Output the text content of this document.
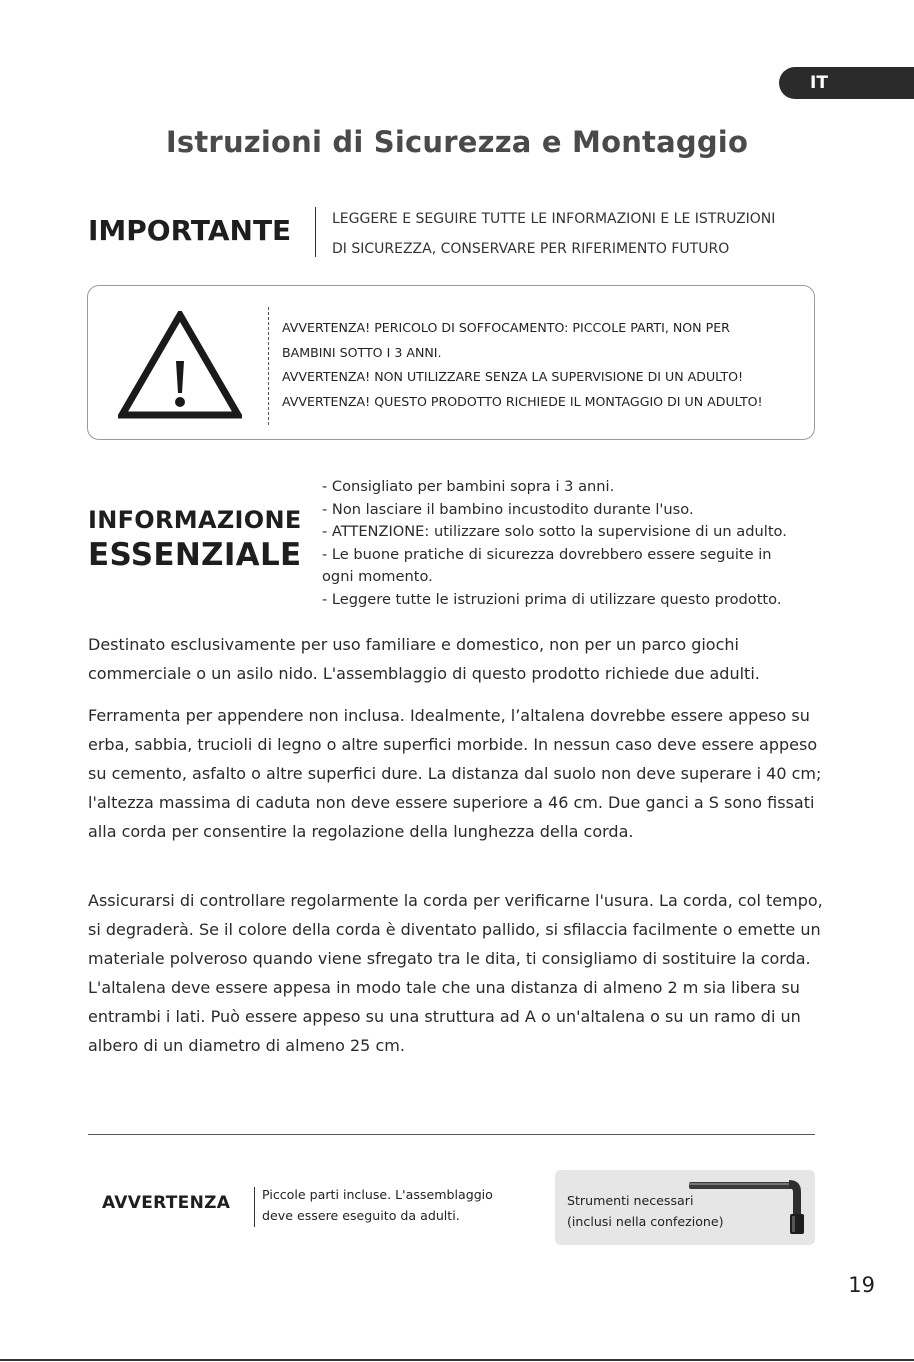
IT
Istruzioni di Sicurezza e Montaggio
IMPORTANTE	LEGGERE E SEGUIRE TUTTE LE INFORMAZIONI E LE ISTRUZIONI
DI SICUREZZA, CONSERVARE PER RIFERIMENTO FUTURO
AVVERTENZA! PERICOLO DI SOFFOCAMENTO: PICCOLE PARTI, NON PER
BAMBINI SOTTO I 3 ANNI.
AVVERTENZA! NON UTILIZZARE SENZA LA SUPERVISIONE DI UN ADULTO!
AVVERTENZA! QUESTO PRODOTTO RICHIEDE IL MONTAGGIO DI UN ADULTO!
INFORMAZIONE
ESSENZIALE
- Consigliato per bambini sopra i 3 anni.
- Non lasciare il bambino incustodito durante l'uso.
- ATTENZIONE: utilizzare solo sotto la supervisione di un adulto.
- Le buone pratiche di sicurezza dovrebbero essere seguite in
ogni momento.
- Leggere tutte le istruzioni prima di utilizzare questo prodotto.

Destinato esclusivamente per uso familiare e domestico, non per un parco giochi commerciale o un asilo nido. L'assemblaggio di questo prodotto richiede due adulti.

Ferramenta per appendere non inclusa. Idealmente, l’altalena dovrebbe essere appeso su erba, sabbia, trucioli di legno o altre superfici morbide. In nessun caso deve essere appeso su cemento, asfalto o altre superfici dure. La distanza dal suolo non deve superare i 40 cm; l'altezza massima di caduta non deve essere superiore a 46 cm. Due ganci a S sono fissati alla corda per consentire la regolazione della lunghezza della corda.

Assicurarsi di controllare regolarmente la corda per verificarne l'usura. La corda, col tempo, si degraderà. Se il colore della corda è diventato pallido, si sfilaccia facilmente o emette un materiale polveroso quando viene sfregato tra le dita, ti consigliamo di sostituire la corda. L'altalena deve essere appesa in modo tale che una distanza di almeno 2 m sia libera su entrambi i lati. Può essere appeso su una struttura ad A o un'altalena o su un ramo di un albero di un diametro di almeno 25 cm.

AVVERTENZA	Piccole parti incluse. L'assemblaggio
deve essere eseguito da adulti.
Strumenti necessari
(inclusi nella confezione)
19
